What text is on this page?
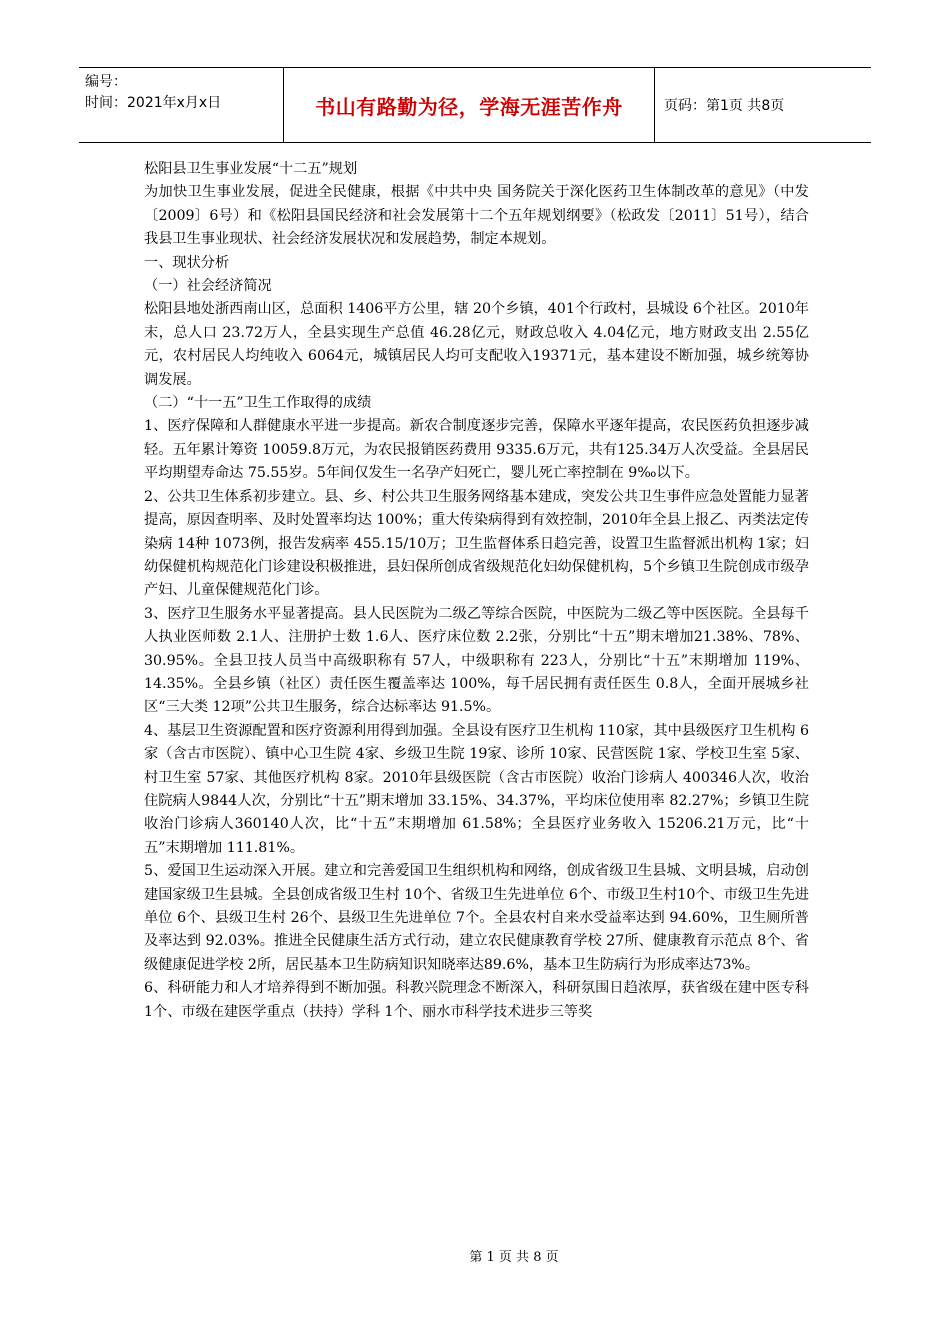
编号：
时间：2021年x月x日	书山有路勤为径，学海无涯苦作舟	页码：第1页 共8页

松阳县卫生事业发展“十二五”规划

为加快卫生事业发展，促进全民健康，根据《中共中央 国务院关于深化医药卫生体制改革的意见》（中发〔2009〕6号）和《松阳县国民经济和社会发展第十二个五年规划纲要》（松政发〔2011〕51号），结合我县卫生事业现状、社会经济发展状况和发展趋势，制定本规划。

一、现状分析

（一）社会经济简况

松阳县地处浙西南山区，总面积 1406平方公里，辖 20个乡镇，401个行政村，县城设 6个社区。2010年末，总人口 23.72万人，全县实现生产总值 46.28亿元，财政总收入 4.04亿元，地方财政支出 2.55亿元，农村居民人均纯收入 6064元，城镇居民人均可支配收入19371元，基本建设不断加强，城乡统筹协调发展。

（二）“十一五”卫生工作取得的成绩

1、医疗保障和人群健康水平进一步提高。新农合制度逐步完善，保障水平逐年提高，农民医药负担逐步减轻。五年累计筹资 10059.8万元，为农民报销医药费用 9335.6万元，共有125.34万人次受益。全县居民平均期望寿命达 75.55岁。5年间仅发生一名孕产妇死亡，婴儿死亡率控制在 9‰以下。

2、公共卫生体系初步建立。县、乡、村公共卫生服务网络基本建成，突发公共卫生事件应急处置能力显著提高，原因查明率、及时处置率均达 100%；重大传染病得到有效控制，2010年全县上报乙、丙类法定传染病 14种 1073例，报告发病率 455.15/10万；卫生监督体系日趋完善，设置卫生监督派出机构 1家；妇幼保健机构规范化门诊建设积极推进，县妇保所创成省级规范化妇幼保健机构，5个乡镇卫生院创成市级孕产妇、儿童保健规范化门诊。

3、医疗卫生服务水平显著提高。县人民医院为二级乙等综合医院，中医院为二级乙等中医医院。全县每千人执业医师数 2.1人、注册护士数 1.6人、医疗床位数 2.2张，分别比“十五”期末增加21.38%、78%、30.95%。全县卫技人员当中高级职称有 57人，中级职称有 223人，分别比“十五”末期增加 119%、14.35%。全县乡镇（社区）责任医生覆盖率达 100%，每千居民拥有责任医生 0.8人，全面开展城乡社区“三大类 12项”公共卫生服务，综合达标率达 91.5%。

4、基层卫生资源配置和医疗资源利用得到加强。全县设有医疗卫生机构 110家，其中县级医疗卫生机构 6家（含古市医院）、镇中心卫生院 4家、乡级卫生院 19家、诊所 10家、民营医院 1家、学校卫生室 5家、村卫生室 57家、其他医疗机构 8家。2010年县级医院（含古市医院）收治门诊病人 400346人次，收治住院病人9844人次，分别比“十五”期末增加 33.15%、34.37%，平均床位使用率 82.27%；乡镇卫生院收治门诊病人360140人次，比“十五”末期增加 61.58%；全县医疗业务收入 15206.21万元，比“十五”末期增加 111.81%。

5、爱国卫生运动深入开展。建立和完善爱国卫生组织机构和网络，创成省级卫生县城、文明县城，启动创建国家级卫生县城。全县创成省级卫生村 10个、省级卫生先进单位 6个、市级卫生村10个、市级卫生先进单位 6个、县级卫生村 26个、县级卫生先进单位 7个。全县农村自来水受益率达到 94.60%，卫生厕所普及率达到 92.03%。推进全民健康生活方式行动，建立农民健康教育学校 27所、健康教育示范点 8个、省级健康促进学校 2所，居民基本卫生防病知识知晓率达89.6%，基本卫生防病行为形成率达73%。

6、科研能力和人才培养得到不断加强。科教兴院理念不断深入，科研氛围日趋浓厚，获省级在建中医专科 1个、市级在建医学重点（扶持）学科 1个、丽水市科学技术进步三等奖

第 1 页 共 8 页
